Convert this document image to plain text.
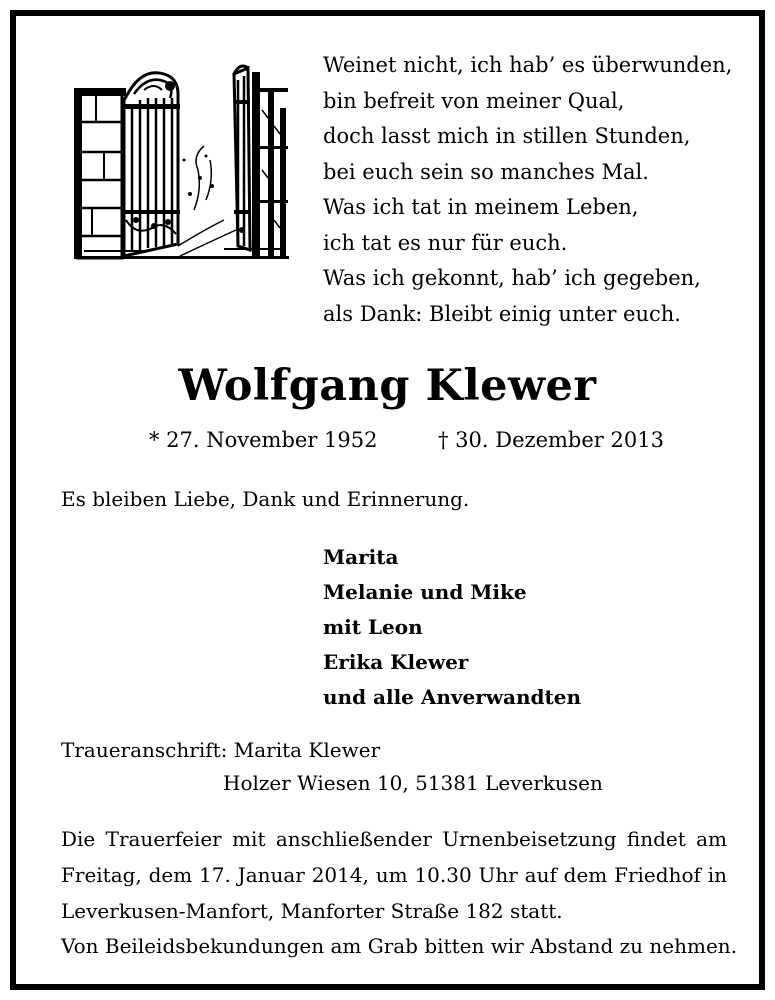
Weinet nicht, ich hab’ es überwunden,
bin befreit von meiner Qual,
doch lasst mich in stillen Stunden,
bei euch sein so manches Mal.
Was ich tat in meinem Leben,
ich tat es nur für euch.
Was ich gekonnt, hab’ ich gegeben,
als Dank: Bleibt einig unter euch.
Wolfgang Klewer
* 27. November 1952	† 30. Dezember 2013
Es bleiben Liebe, Dank und Erinnerung.
Marita
Melanie und Mike
mit Leon
Erika Klewer
und alle Anverwandten
Traueranschrift: Marita Klewer
Holzer Wiesen 10, 51381 Leverkusen
Die Trauerfeier mit anschließender Urnenbeisetzung findet am Freitag, dem 17. Januar 2014, um 10.30 Uhr auf dem Friedhof in Leverkusen-Manfort, Manforter Straße 182 statt.
Von Beileidsbekundungen am Grab bitten wir Abstand zu nehmen.
